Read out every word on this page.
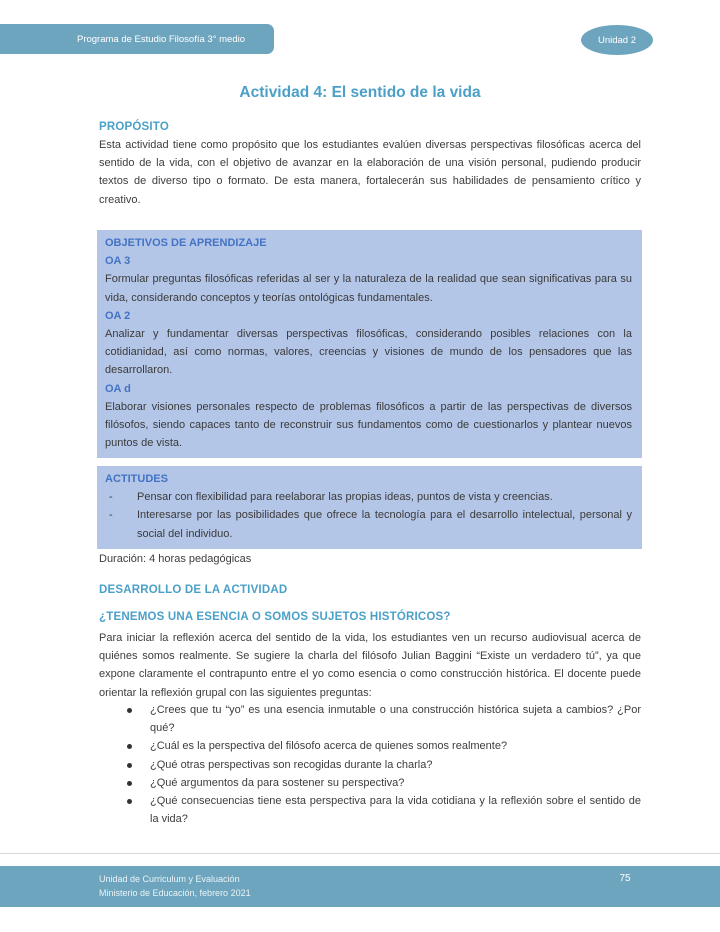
Programa de Estudio Filosofía 3° medio	Unidad 2
Actividad 4: El sentido de la vida
PROPÓSITO
Esta actividad tiene como propósito que los estudiantes evalúen diversas perspectivas filosóficas acerca del sentido de la vida, con el objetivo de avanzar en la elaboración de una visión personal, pudiendo producir textos de diverso tipo o formato. De esta manera, fortalecerán sus habilidades de pensamiento crítico y creativo.
OBJETIVOS DE APRENDIZAJE
OA 3
Formular preguntas filosóficas referidas al ser y la naturaleza de la realidad que sean significativas para su vida, considerando conceptos y teorías ontológicas fundamentales.
OA 2
Analizar y fundamentar diversas perspectivas filosóficas, considerando posibles relaciones con la cotidianidad, así como normas, valores, creencias y visiones de mundo de los pensadores que las desarrollaron.
OA d
Elaborar visiones personales respecto de problemas filosóficos a partir de las perspectivas de diversos filósofos, siendo capaces tanto de reconstruir sus fundamentos como de cuestionarlos y plantear nuevos puntos de vista.
ACTITUDES
-	Pensar con flexibilidad para reelaborar las propias ideas, puntos de vista y creencias.
-	Interesarse por las posibilidades que ofrece la tecnología para el desarrollo intelectual, personal y social del individuo.
Duración: 4 horas pedagógicas
DESARROLLO DE LA ACTIVIDAD
¿TENEMOS UNA ESENCIA O SOMOS SUJETOS HISTÓRICOS?
Para iniciar la reflexión acerca del sentido de la vida, los estudiantes ven un recurso audiovisual acerca de quiénes somos realmente. Se sugiere la charla del filósofo Julian Baggini “Existe un verdadero tú”, ya que expone claramente el contrapunto entre el yo como esencia o como construcción histórica. El docente puede orientar la reflexión grupal con las siguientes preguntas:
¿Crees que tu “yo” es una esencia inmutable o una construcción histórica sujeta a cambios? ¿Por qué?
¿Cuál es la perspectiva del filósofo acerca de quienes somos realmente?
¿Qué otras perspectivas son recogidas durante la charla?
¿Qué argumentos da para sostener su perspectiva?
¿Qué consecuencias tiene esta perspectiva para la vida cotidiana y la reflexión sobre el sentido de la vida?
Unidad de Curriculum y Evaluación
Ministerio de Educación, febrero 2021
75
